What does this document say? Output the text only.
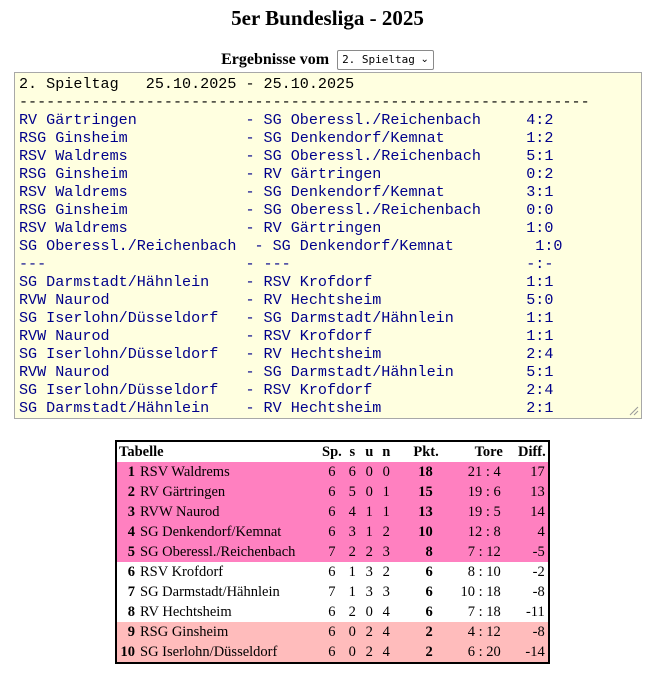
5er Bundesliga - 2025
Ergebnisse vom 2. Spieltag ⌄
2. Spieltag   25.10.2025 - 25.10.2025
---------------------------------------------------------------
RV Gärtringen            - SG Oberessl./Reichenbach     4:2
RSG Ginsheim             - SG Denkendorf/Kemnat         1:2
RSV Waldrems             - SG Oberessl./Reichenbach     5:1
RSG Ginsheim             - RV Gärtringen                0:2
RSV Waldrems             - SG Denkendorf/Kemnat         3:1
RSG Ginsheim             - SG Oberessl./Reichenbach     0:0
RSV Waldrems             - RV Gärtringen                1:0
SG Oberessl./Reichenbach  - SG Denkendorf/Kemnat         1:0
---                      - ---                          -:-
SG Darmstadt/Hähnlein    - RSV Krofdorf                 1:1
RVW Naurod               - RV Hechtsheim                5:0
SG Iserlohn/Düsseldorf   - SG Darmstadt/Hähnlein        1:1
RVW Naurod               - RSV Krofdorf                 1:1
SG Iserlohn/Düsseldorf   - RV Hechtsheim                2:4
RVW Naurod               - SG Darmstadt/Hähnlein        5:1
SG Iserlohn/Düsseldorf   - RSV Krofdorf                 2:4
SG Darmstadt/Hähnlein    - RV Hechtsheim                2:1
Tabelle		Sp.	s	u	n	Pkt.	Tore	Diff.
1	RSV Waldrems	6	6	0	0	18	21 : 4	17
2	RV Gärtringen	6	5	0	1	15	19 : 6	13
3	RVW Naurod	6	4	1	1	13	19 : 5	14
4	SG Denkendorf/Kemnat	6	3	1	2	10	12 : 8	4
5	SG Oberessl./Reichenbach	7	2	2	3	8	7 : 12	-5
6	RSV Krofdorf	6	1	3	2	6	8 : 10	-2
7	SG Darmstadt/Hähnlein	7	1	3	3	6	10 : 18	-8
8	RV Hechtsheim	6	2	0	4	6	7 : 18	-11
9	RSG Ginsheim	6	0	2	4	2	4 : 12	-8
10	SG Iserlohn/Düsseldorf	6	0	2	4	2	6 : 20	-14
